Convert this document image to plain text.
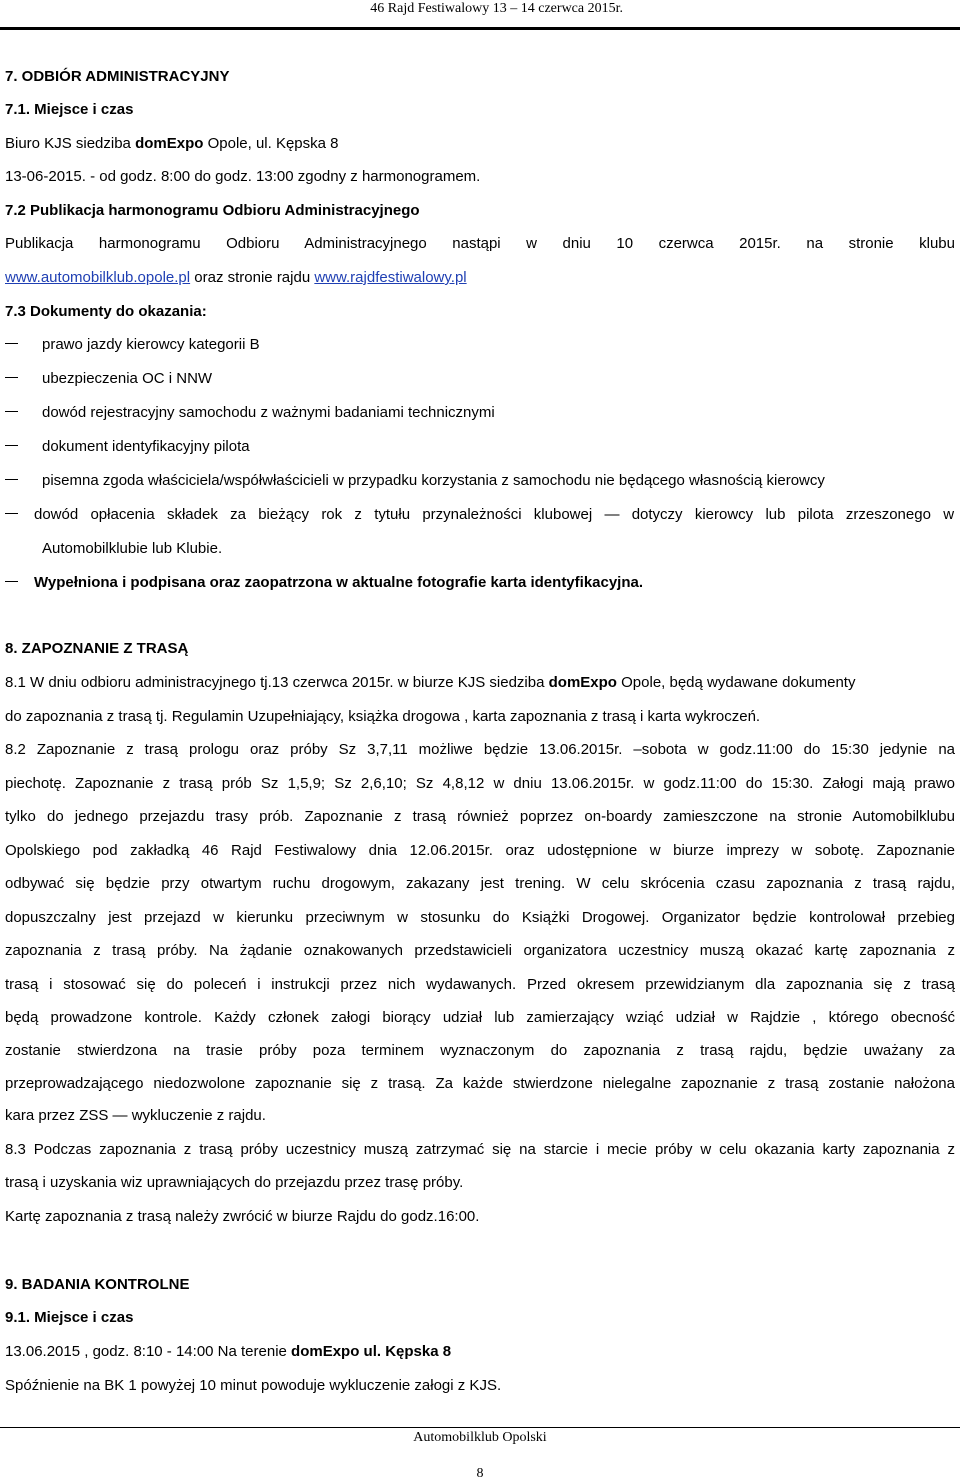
46 Rajd Festiwalowy 13 – 14 czerwca 2015r.
7. ODBIÓR ADMINISTRACYJNY
7.1. Miejsce i czas
Biuro KJS siedziba domExpo Opole, ul. Kępska 8
13-06-2015. - od godz. 8:00 do godz. 13:00 zgodny z harmonogramem.
7.2 Publikacja harmonogramu Odbioru Administracyjnego
Publikacja harmonogramu Odbioru Administracyjnego nastąpi w dniu 10 czerwca 2015r. na stronie klubu
www.automobilklub.opole.pl oraz stronie rajdu www.rajdfestiwalowy.pl
7.3 Dokumenty do okazania:
prawo jazdy kierowcy kategorii B
ubezpieczenia OC i NNW
dowód rejestracyjny samochodu z ważnymi badaniami technicznymi
dokument identyfikacyjny pilota
pisemna zgoda właściciela/współwłaścicieli w przypadku korzystania z samochodu nie będącego własnością kierowcy
dowód opłacenia składek za bieżący rok z tytułu przynależności klubowej — dotyczy kierowcy lub pilota zrzeszonego w
Automobilklubie lub Klubie.
Wypełniona i podpisana oraz zaopatrzona w aktualne fotografie karta identyfikacyjna.
8. ZAPOZNANIE Z TRASĄ
8.1 W dniu odbioru administracyjnego tj.13 czerwca 2015r. w biurze KJS siedziba domExpo Opole, będą wydawane dokumenty
do zapoznania z trasą tj. Regulamin Uzupełniający, książka drogowa , karta zapoznania z trasą i karta wykroczeń.
8.2 Zapoznanie z trasą prologu oraz próby Sz 3,7,11 możliwe będzie 13.06.2015r. –sobota w godz.11:00 do 15:30 jedynie na
piechotę. Zapoznanie z trasą prób Sz 1,5,9; Sz 2,6,10; Sz 4,8,12 w dniu 13.06.2015r. w godz.11:00 do 15:30. Załogi mają prawo
tylko do jednego przejazdu trasy prób. Zapoznanie z trasą również poprzez on-boardy zamieszczone na stronie Automobilklubu
Opolskiego pod zakładką 46 Rajd Festiwalowy dnia 12.06.2015r. oraz udostępnione w biurze imprezy w sobotę. Zapoznanie
odbywać się będzie przy otwartym ruchu drogowym, zakazany jest trening. W celu skrócenia czasu zapoznania z trasą rajdu,
dopuszczalny jest przejazd w kierunku przeciwnym w stosunku do Książki Drogowej. Organizator będzie kontrolował przebieg
zapoznania z trasą próby. Na żądanie oznakowanych przedstawicieli organizatora uczestnicy muszą okazać kartę zapoznania z
trasą i stosować się do poleceń i instrukcji przez nich wydawanych. Przed okresem przewidzianym dla zapoznania się z trasą
będą prowadzone kontrole. Każdy członek załogi biorący udział lub zamierzający wziąć udział w Rajdzie , którego obecność
zostanie stwierdzona na trasie próby poza terminem wyznaczonym do zapoznania z trasą rajdu, będzie uważany za
przeprowadzającego niedozwolone zapoznanie się z trasą. Za każde stwierdzone nielegalne zapoznanie z trasą zostanie nałożona
kara przez ZSS — wykluczenie z rajdu.
8.3 Podczas zapoznania z trasą próby uczestnicy muszą zatrzymać się na starcie i mecie próby w celu okazania karty zapoznania z
trasą i uzyskania wiz uprawniających do przejazdu przez trasę próby.
Kartę zapoznania z trasą należy zwrócić w biurze Rajdu do godz.16:00.
9. BADANIA KONTROLNE
9.1. Miejsce i czas
13.06.2015 , godz. 8:10 - 14:00 Na terenie domExpo ul. Kępska 8
Spóźnienie na BK 1 powyżej 10 minut powoduje wykluczenie załogi z KJS.
Automobilklub Opolski
8
